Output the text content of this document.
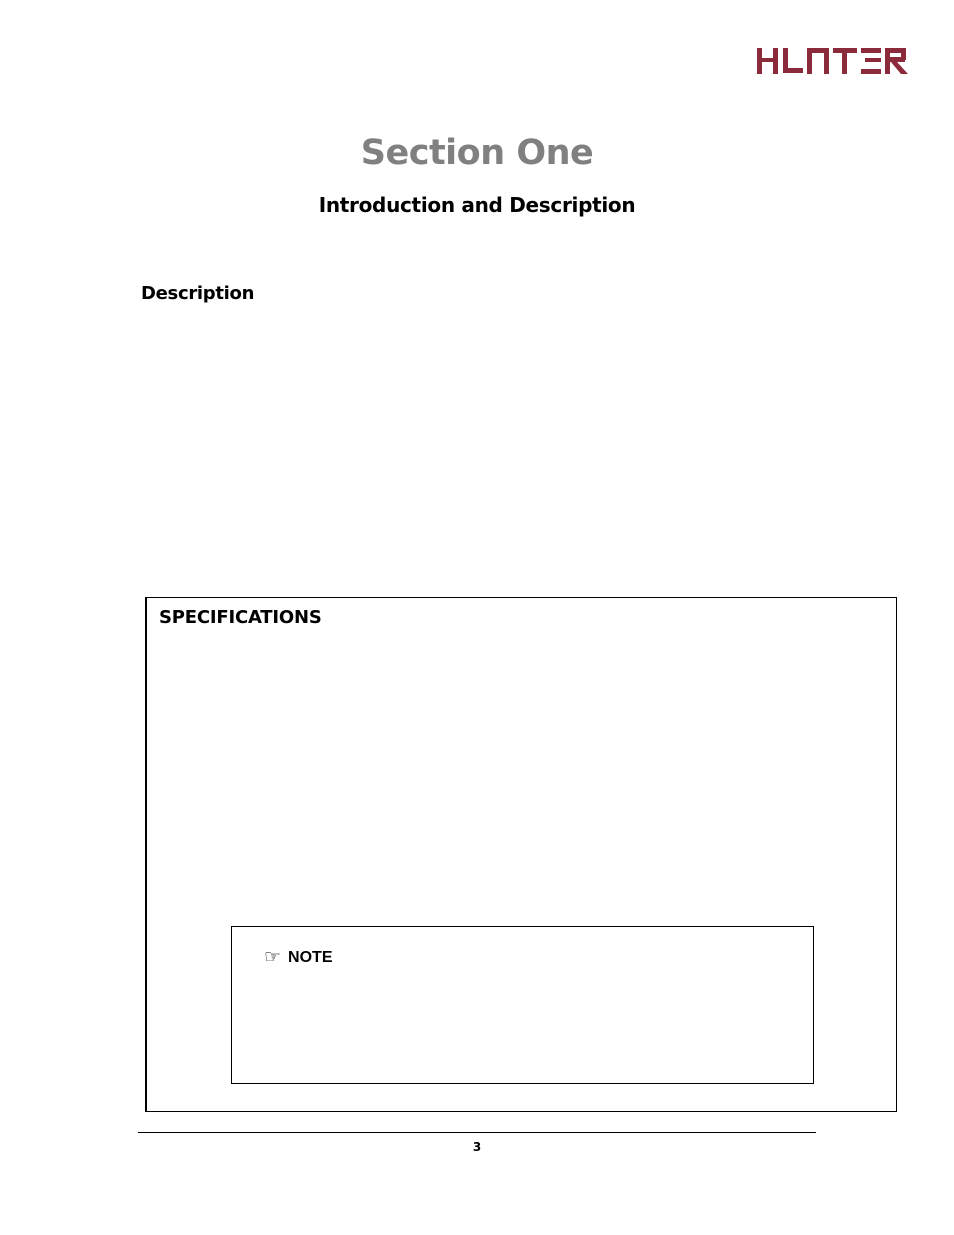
Section One
Introduction and Description
Description
SPECIFICATIONS
☞ NOTE
3
